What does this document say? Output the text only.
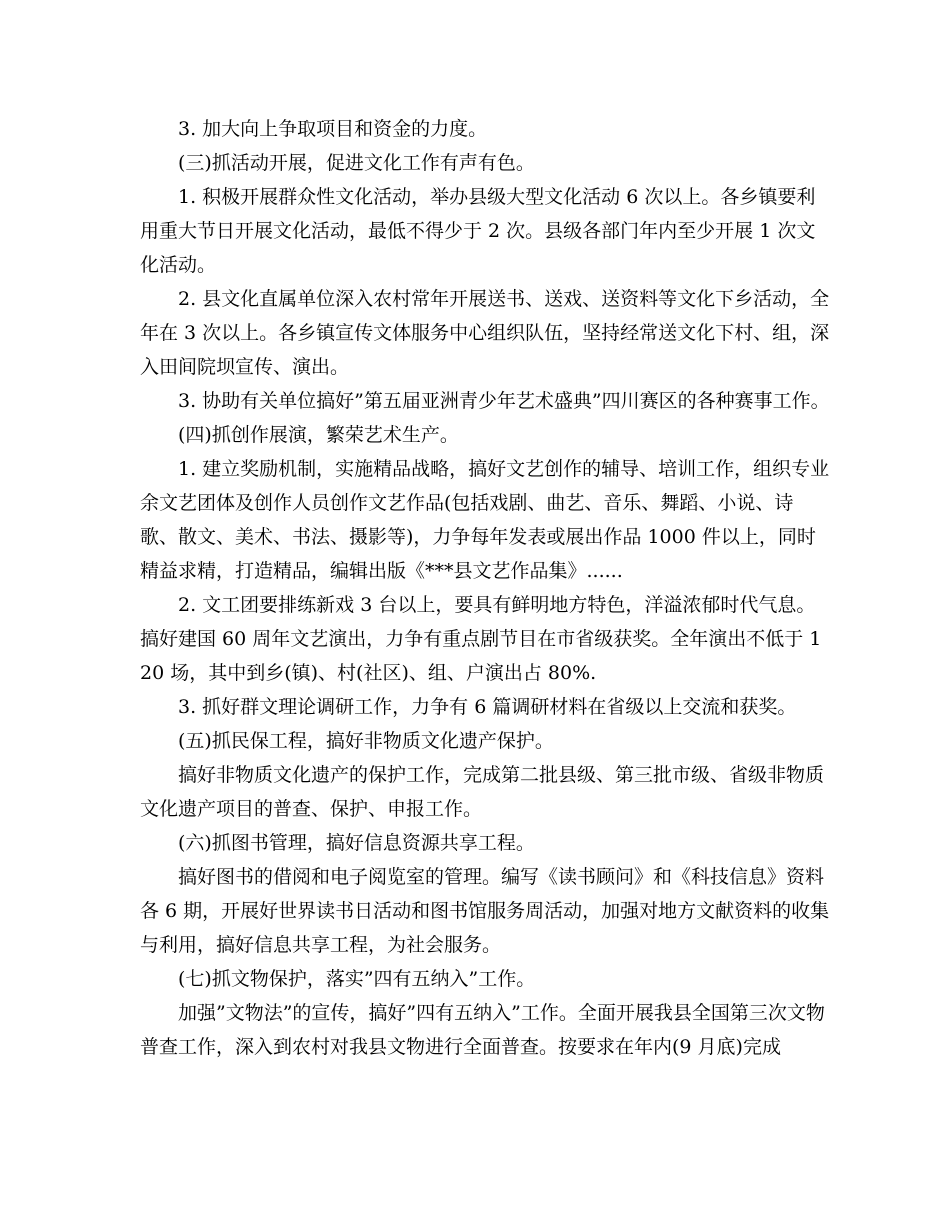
3. 加大向上争取项目和资金的力度。

(三)抓活动开展，促进文化工作有声有色。

1. 积极开展群众性文化活动，举办县级大型文化活动 6 次以上。各乡镇要利用重大节日开展文化活动，最低不得少于 2 次。县级各部门年内至少开展 1 次文化活动。

2. 县文化直属单位深入农村常年开展送书、送戏、送资料等文化下乡活动，全年在 3 次以上。各乡镇宣传文体服务中心组织队伍，坚持经常送文化下村、组，深入田间院坝宣传、演出。

3. 协助有关单位搞好”第五届亚洲青少年艺术盛典”四川赛区的各种赛事工作。

(四)抓创作展演，繁荣艺术生产。

1. 建立奖励机制，实施精品战略，搞好文艺创作的辅导、培训工作，组织专业余文艺团体及创作人员创作文艺作品(包括戏剧、曲艺、音乐、舞蹈、小说、诗歌、散文、美术、书法、摄影等)，力争每年发表或展出作品 1000 件以上，同时精益求精，打造精品，编辑出版《***县文艺作品集》......

2. 文工团要排练新戏 3 台以上，要具有鲜明地方特色，洋溢浓郁时代气息。搞好建国 60 周年文艺演出，力争有重点剧节目在市省级获奖。全年演出不低于 120 场，其中到乡(镇)、村(社区)、组、户演出占 80%.

3. 抓好群文理论调研工作，力争有 6 篇调研材料在省级以上交流和获奖。

(五)抓民保工程，搞好非物质文化遗产保护。

搞好非物质文化遗产的保护工作，完成第二批县级、第三批市级、省级非物质文化遗产项目的普查、保护、申报工作。

(六)抓图书管理，搞好信息资源共享工程。

搞好图书的借阅和电子阅览室的管理。编写《读书顾问》和《科技信息》资料各 6 期，开展好世界读书日活动和图书馆服务周活动，加强对地方文献资料的收集与利用，搞好信息共享工程，为社会服务。

(七)抓文物保护，落实”四有五纳入”工作。

加强”文物法”的宣传，搞好”四有五纳入”工作。全面开展我县全国第三次文物普查工作，深入到农村对我县文物进行全面普查。按要求在年内(9 月底)完成
